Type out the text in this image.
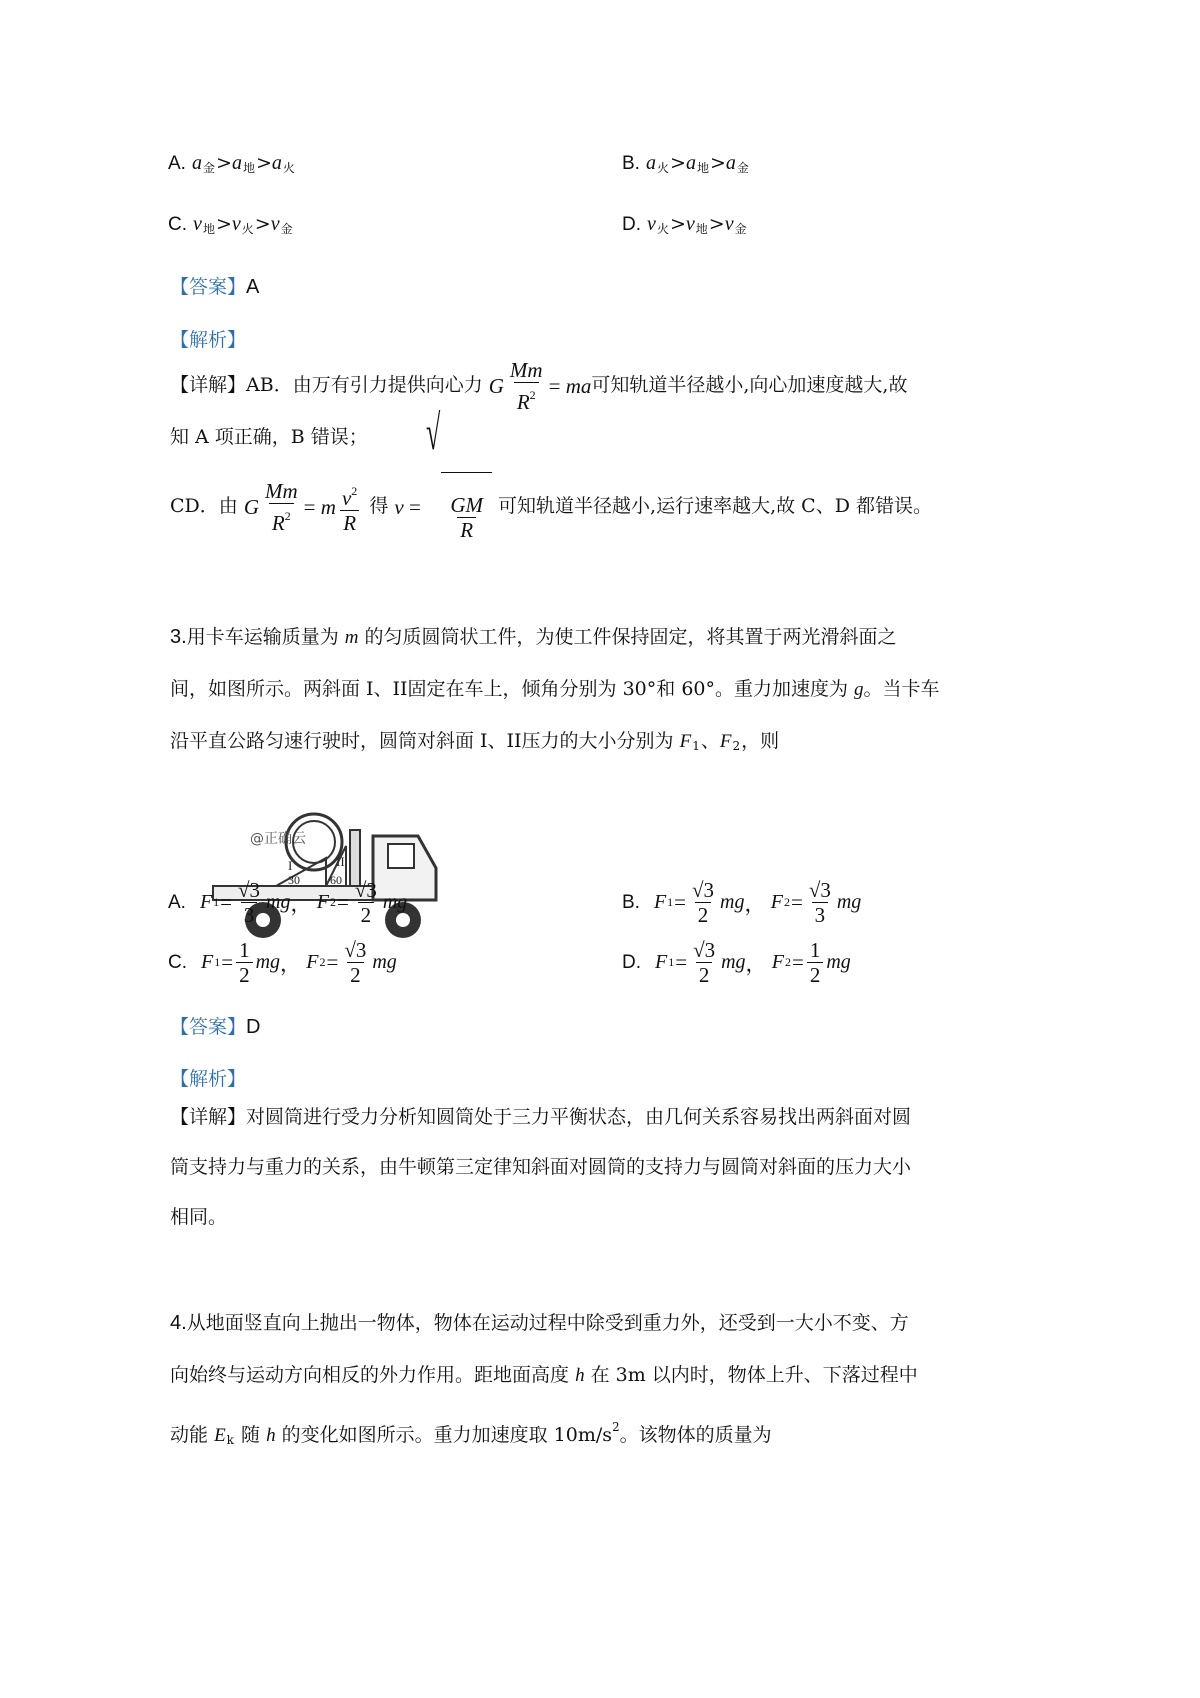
A. $a_金>a_地>a_火$	B. $a_火>a_地>a_金$
C. $v_地>v_火>v_金$	D. $v_火>v_地>v_金$
【答案】A
【解析】
【详解】AB．由万有引力提供向心力 G $\frac{Mm}{R^2}$ = ma 可知轨道半径越小,向心加速度越大,故
知 A 项正确，B 错误；
CD．由 G $\frac{Mm}{R^2} = m \frac{v^2}{R}$ 得 v =
√
$\frac{GM}{R}$ 可知轨道半径越小,运行速率越大,故 C、D 都错误。
3.用卡车运输质量为 m 的匀质圆筒状工件，为使工件保持固定，将其置于两光滑斜面之
间，如图所示。两斜面 I、II固定在车上，倾角分别为 30°和 60°。重力加速度为 g。当卡车
沿平直公路匀速行驶时，圆筒对斜面 I、II压力的大小分别为 $F_1$、$F_2$，则
@正确云
I	II
30	60
A. F $1 = \frac{√3}{3}$ mg ， F $2 = \frac{√3}{2}$ mg	B. F $1 = \frac{√3}{2}$ mg ， F $2 = \frac{√3}{3}$ mg
C. F $1 = \frac{1}{2}$ mg ， F $2 = \frac{√3}{2}$ mg	D. F $1 = \frac{√3}{2}$ mg ， F $2 = \frac{1}{2}$ mg
【答案】D
【解析】
【详解】对圆筒进行受力分析知圆筒处于三力平衡状态，由几何关系容易找出两斜面对圆
筒支持力与重力的关系，由牛顿第三定律知斜面对圆筒的支持力与圆筒对斜面的压力大小
相同。
4.从地面竖直向上抛出一物体，物体在运动过程中除受到重力外，还受到一大小不变、方
向始终与运动方向相反的外力作用。距地面高度 h 在 3m 以内时，物体上升、下落过程中
动能 $E_k$ 随 h 的变化如图所示。重力加速度取 $10m/s^2$。该物体的质量为
